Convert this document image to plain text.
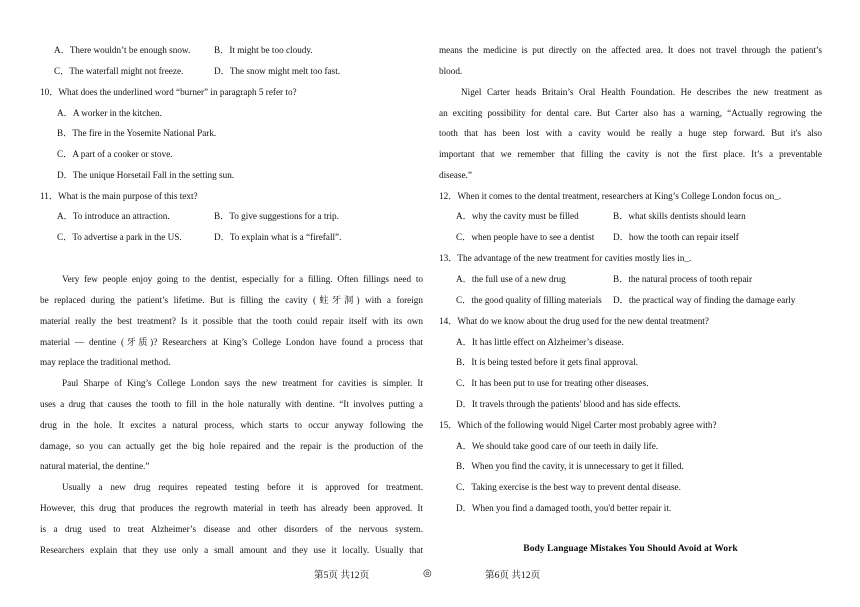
A．There wouldn’t be enough snow.	B．It might be too cloudy.
C．The waterfall might not freeze.	D．The snow might melt too fast.
10．What does the underlined word “burner” in paragraph 5 refer to?
A．A worker in the kitchen.
B．The fire in the Yosemite National Park.
C．A part of a cooker or stove.
D．The unique Horsetail Fall in the setting sun.
11．What is the main purpose of this text?
A．To introduce an attraction.	B．To give suggestions for a trip.
C．To advertise a park in the US.	D．To explain what is a “firefall”.
Very few people enjoy going to the dentist, especially for a filling. Often fillings need to
be replaced during the patient’s lifetime. But is filling the cavity (蛀牙洞) with a foreign
material really the best treatment? Is it possible that the tooth could repair itself with its own
material — dentine (牙质)? Researchers at King’s College London have found a process that
may replace the traditional method.
Paul Sharpe of King’s College London says the new treatment for cavities is simpler. It
uses a drug that causes the tooth to fill in the hole naturally with dentine. “It involves putting a
drug in the hole. It excites a natural process, which starts to occur anyway following the
damage, so you can actually get the big hole repaired and the repair is the production of the
natural material, the dentine.”
Usually a new drug requires repeated testing before it is approved for treatment.
However, this drug that produces the regrowth material in teeth has already been approved. It
is a drug used to treat Alzheimer’s disease and other disorders of the nervous system.
Researchers explain that they use only a small amount and they use it locally. Usually that
means the medicine is put directly on the affected area. It does not travel through the patient’s
blood.
Nigel Carter heads Britain’s Oral Health Foundation. He describes the new treatment as
an exciting possibility for dental care. But Carter also has a warning, “Actually regrowing the
tooth that has been lost with a cavity would be really a huge step forward. But it's also
important that we remember that filling the cavity is not the first place. It’s a preventable
disease.”
12．When it comes to the dental treatment, researchers at King’s College London focus on_.
A．why the cavity must be filled	B．what skills dentists should learn
C．when people have to see a dentist D．how the tooth can repair itself
13．The advantage of the new treatment for cavities mostly lies in_.
A．the full use of a new drug	B．the natural process of tooth repair
C．the good quality of filling materials D．the practical way of finding the damage early
14．What do we know about the drug used for the new dental treatment?
A．It has little effect on Alzheimer’s disease.
B．It is being tested before it gets final approval.
C．It has been put to use for treating other diseases.
D．It travels through the patients' blood and has side effects.
15．Which of the following would Nigel Carter most probably agree with?
A．We should take good care of our teeth in daily life.
B．When you find the cavity, it is unnecessary to get it filled.
C．Taking exercise is the best way to prevent dental disease.
D．When you find a damaged tooth, you'd better repair it.
Body Language Mistakes You Should Avoid at Work
第5页 共12页	◎	第6页 共12页
